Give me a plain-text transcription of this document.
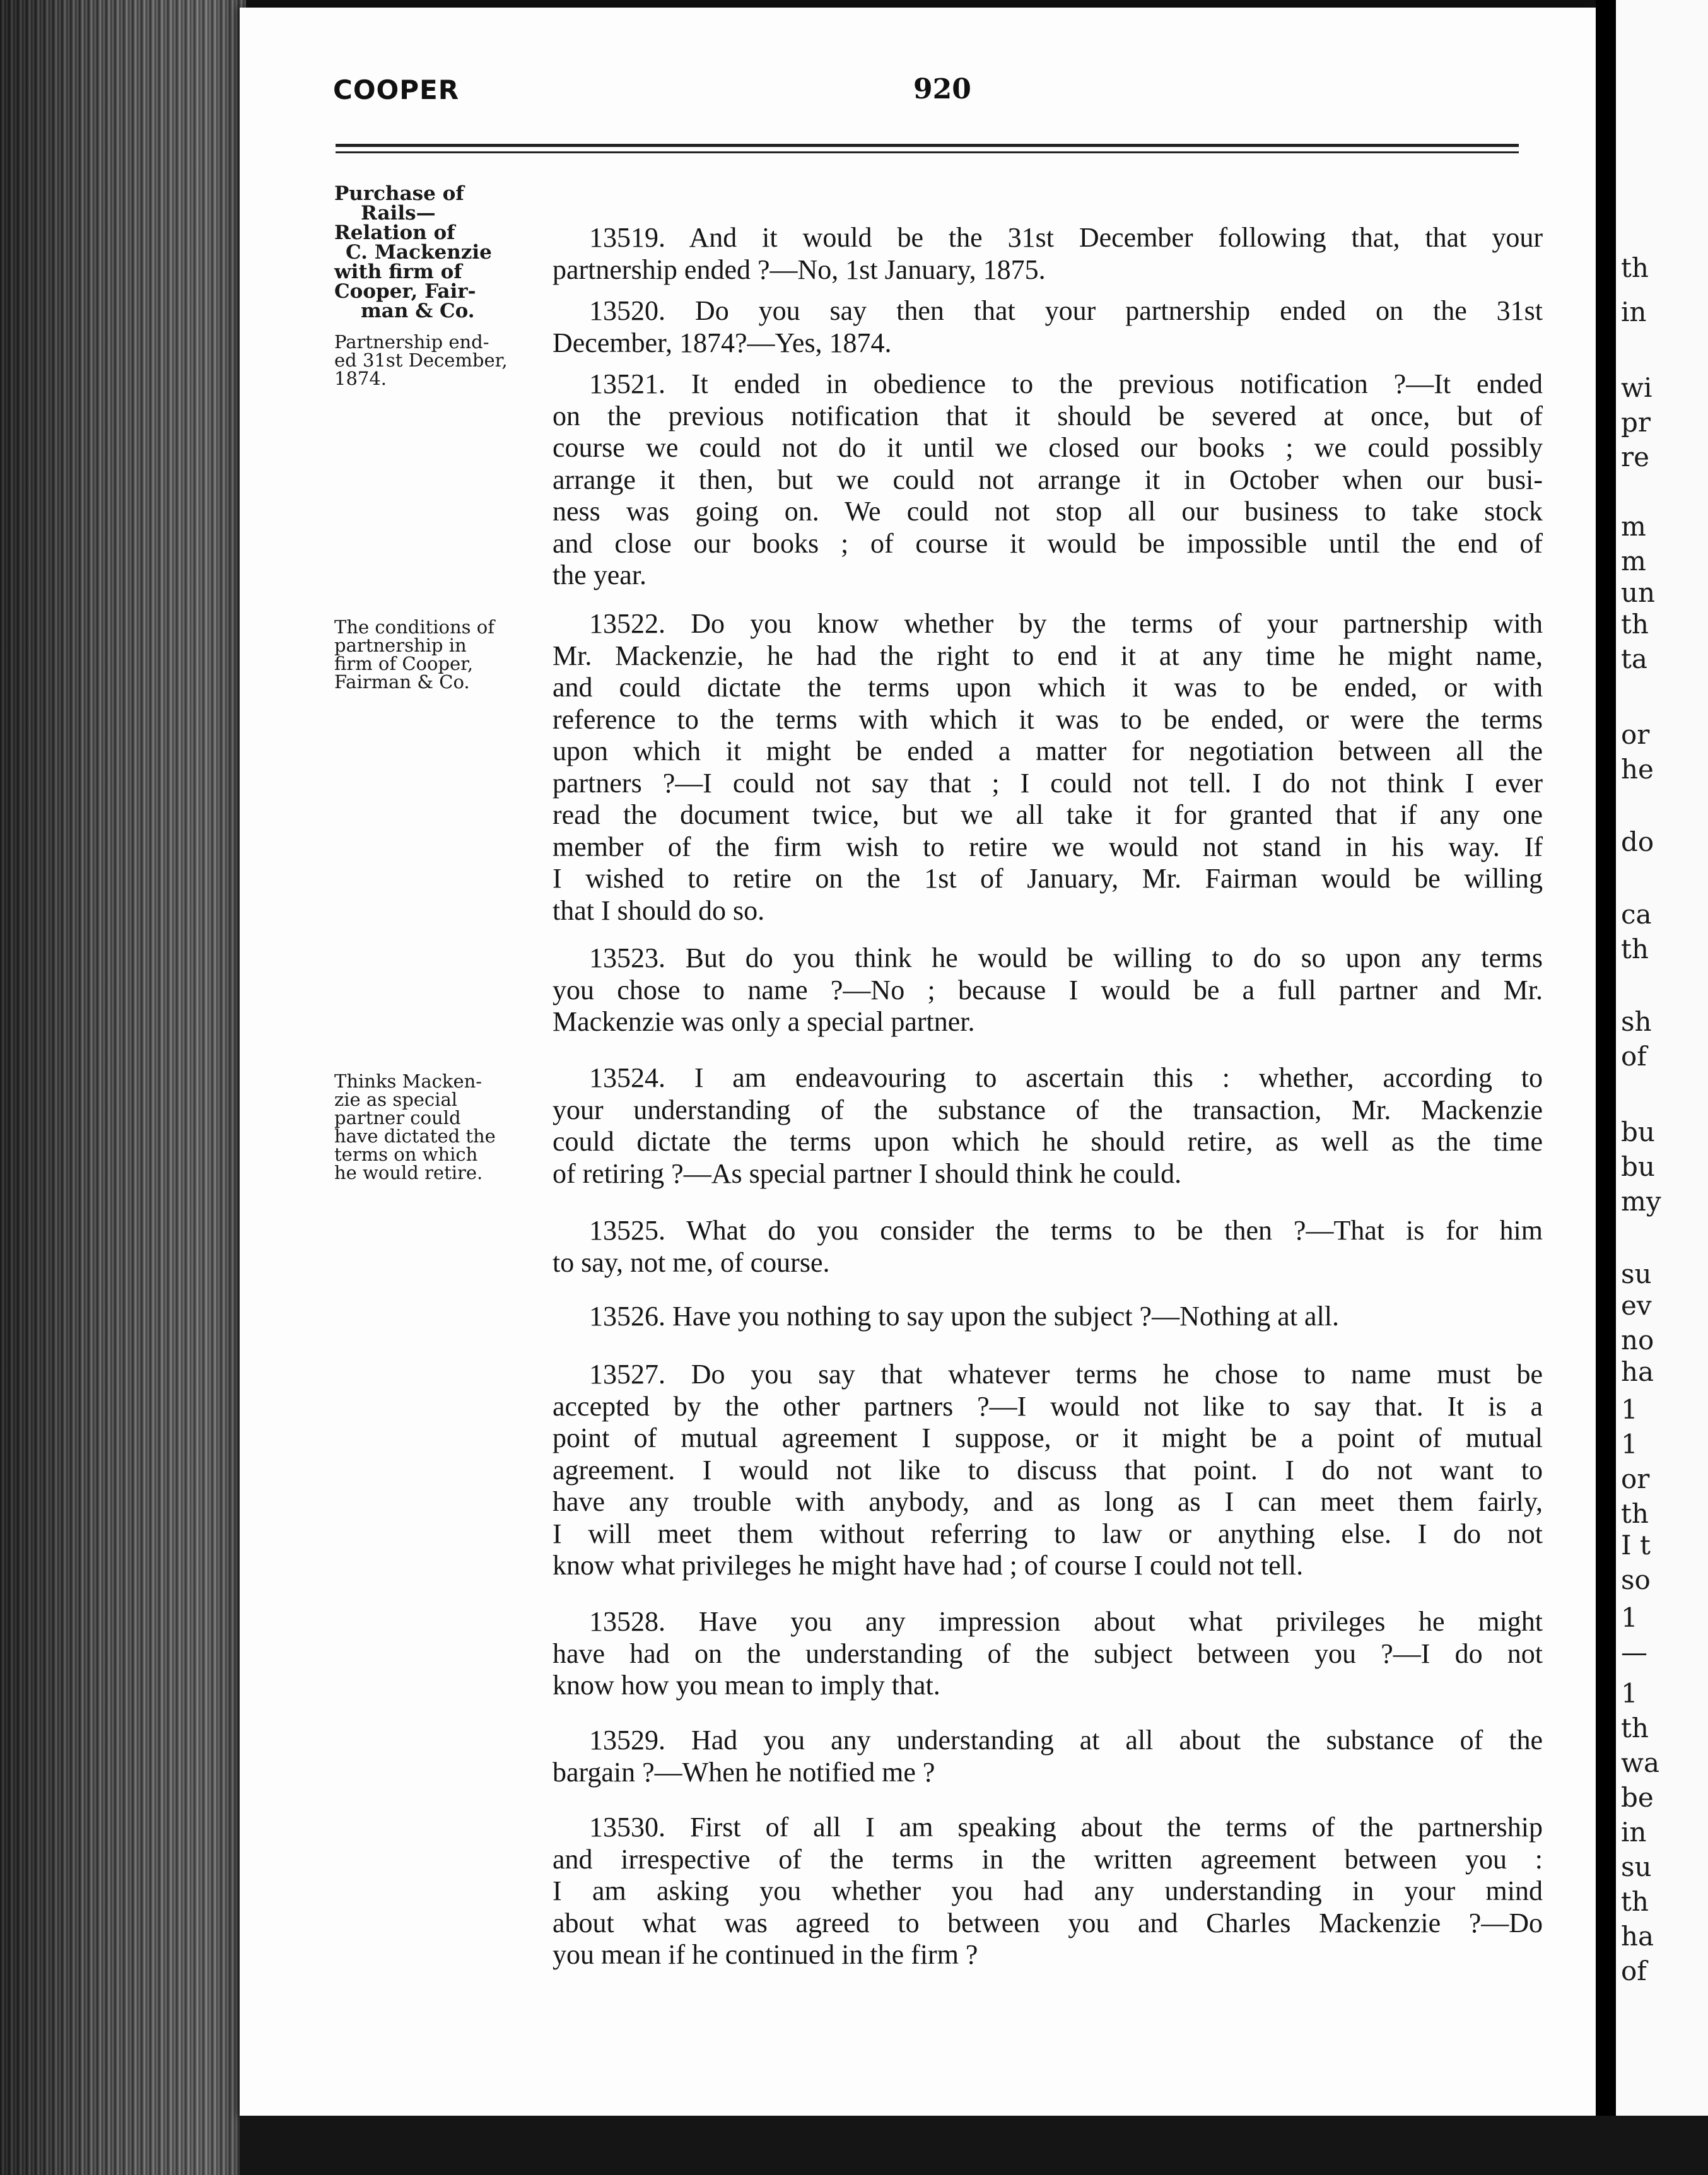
COOPER	920
Purchase of
Rails—
Relation of
C. Mackenzie
with firm of
Cooper, Fair-
man & Co.
Partnership end-
ed 31st December,
1874.
The conditions of
partnership in
firm of Cooper,
Fairman & Co.
Thinks Macken-
zie as special
partner could
have dictated the
terms on which
he would retire.
13519. And it would be the 31st December following that, that your
partnership ended ?—No, 1st January, 1875.
13520. Do you say then that your partnership ended on the 31st
December, 1874?—Yes, 1874.
13521. It ended in obedience to the previous notification ?—It ended
on the previous notification that it should be severed at once, but of
course we could not do it until we closed our books ; we could possibly
arrange it then, but we could not arrange it in October when our busi-
ness was going on. We could not stop all our business to take stock
and close our books ; of course it would be impossible until the end of
the year.
13522. Do you know whether by the terms of your partnership with
Mr. Mackenzie, he had the right to end it at any time he might name,
and could dictate the terms upon which it was to be ended, or with
reference to the terms with which it was to be ended, or were the terms
upon which it might be ended a matter for negotiation between all the
partners ?—I could not say that ; I could not tell. I do not think I ever
read the document twice, but we all take it for granted that if any one
member of the firm wish to retire we would not stand in his way. If
I wished to retire on the 1st of January, Mr. Fairman would be willing
that I should do so.
13523. But do you think he would be willing to do so upon any terms
you chose to name ?—No ; because I would be a full partner and Mr.
Mackenzie was only a special partner.
13524. I am endeavouring to ascertain this : whether, according to
your understanding of the substance of the transaction, Mr. Mackenzie
could dictate the terms upon which he should retire, as well as the time
of retiring ?—As special partner I should think he could.
13525. What do you consider the terms to be then ?—That is for him
to say, not me, of course.
13526. Have you nothing to say upon the subject ?—Nothing at all.
13527. Do you say that whatever terms he chose to name must be
accepted by the other partners ?—I would not like to say that. It is a
point of mutual agreement I suppose, or it might be a point of mutual
agreement. I would not like to discuss that point. I do not want to
have any trouble with anybody, and as long as I can meet them fairly,
I will meet them without referring to law or anything else. I do not
know what privileges he might have had ; of course I could not tell.
13528. Have you any impression about what privileges he might
have had on the understanding of the subject between you ?—I do not
know how you mean to imply that.
13529. Had you any understanding at all about the substance of the
bargain ?—When he notified me ?
13530. First of all I am speaking about the terms of the partnership
and irrespective of the terms in the written agreement between you :
I am asking you whether you had any understanding in your mind
about what was agreed to between you and Charles Mackenzie ?—Do
you mean if he continued in the firm ?
th
in
wi
pr
re
m
m
un
th
ta
or
he
do
ca
th
sh
of
bu
bu
my
su
ev
no
ha
1
1
or
th
I t
so
1
—
1
th
wa
be
in
su
th
ha
of
